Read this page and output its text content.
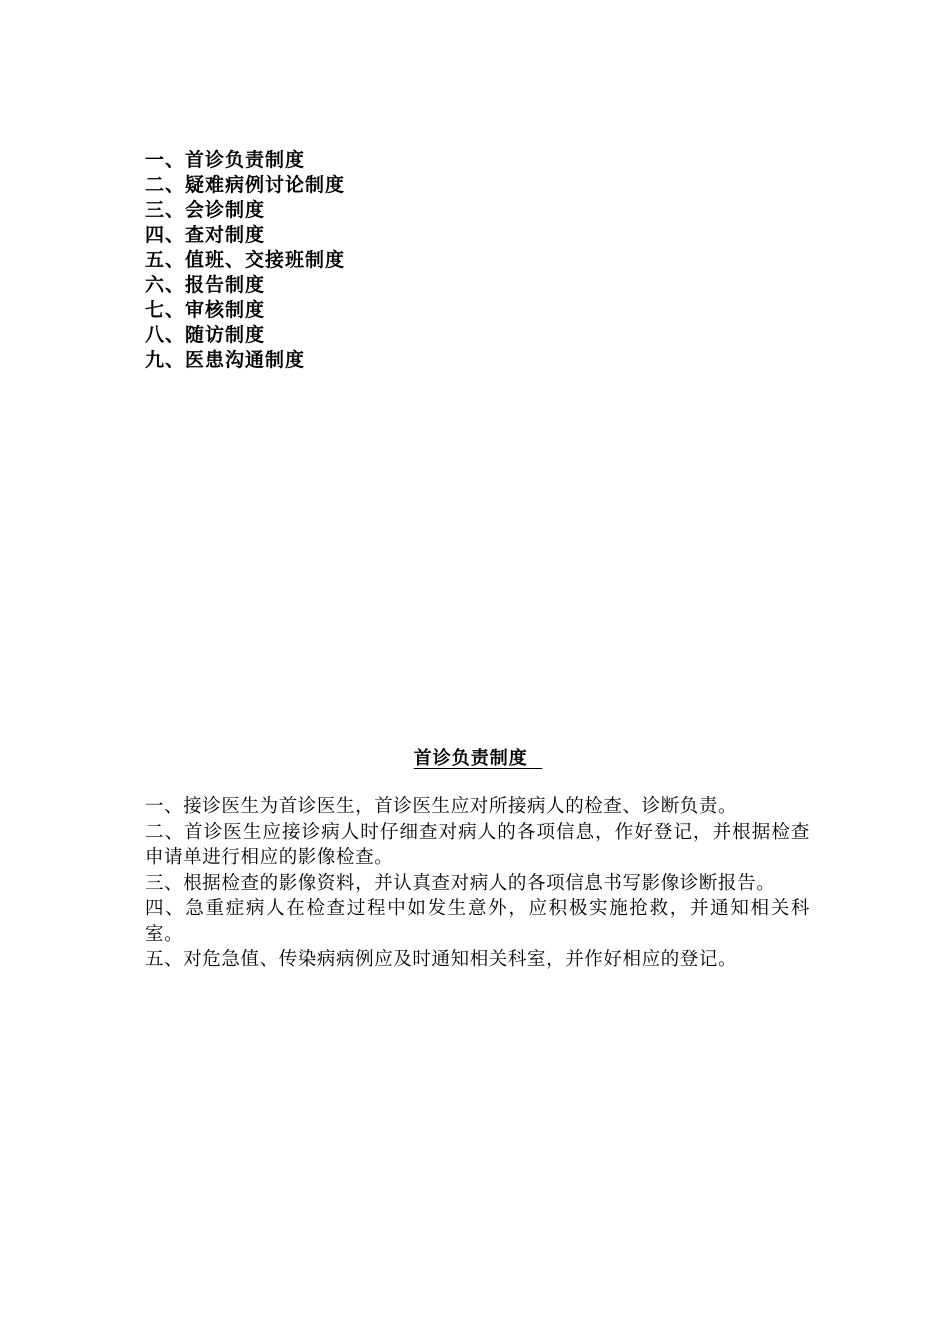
一、首诊负责制度
二、疑难病例讨论制度
三、会诊制度
四、查对制度
五、值班、交接班制度
六、报告制度
七、审核制度
八、随访制度
九、医患沟通制度
首诊负责制度

一、接诊医生为首诊医生，首诊医生应对所接病人的检查、诊断负责。

二、首诊医生应接诊病人时仔细查对病人的各项信息，作好登记，并根据检查申请单进行相应的影像检查。

三、根据检查的影像资料，并认真查对病人的各项信息书写影像诊断报告。

四、急重症病人在检查过程中如发生意外，应积极实施抢救，并通知相关科室。

五、对危急值、传染病病例应及时通知相关科室，并作好相应的登记。
